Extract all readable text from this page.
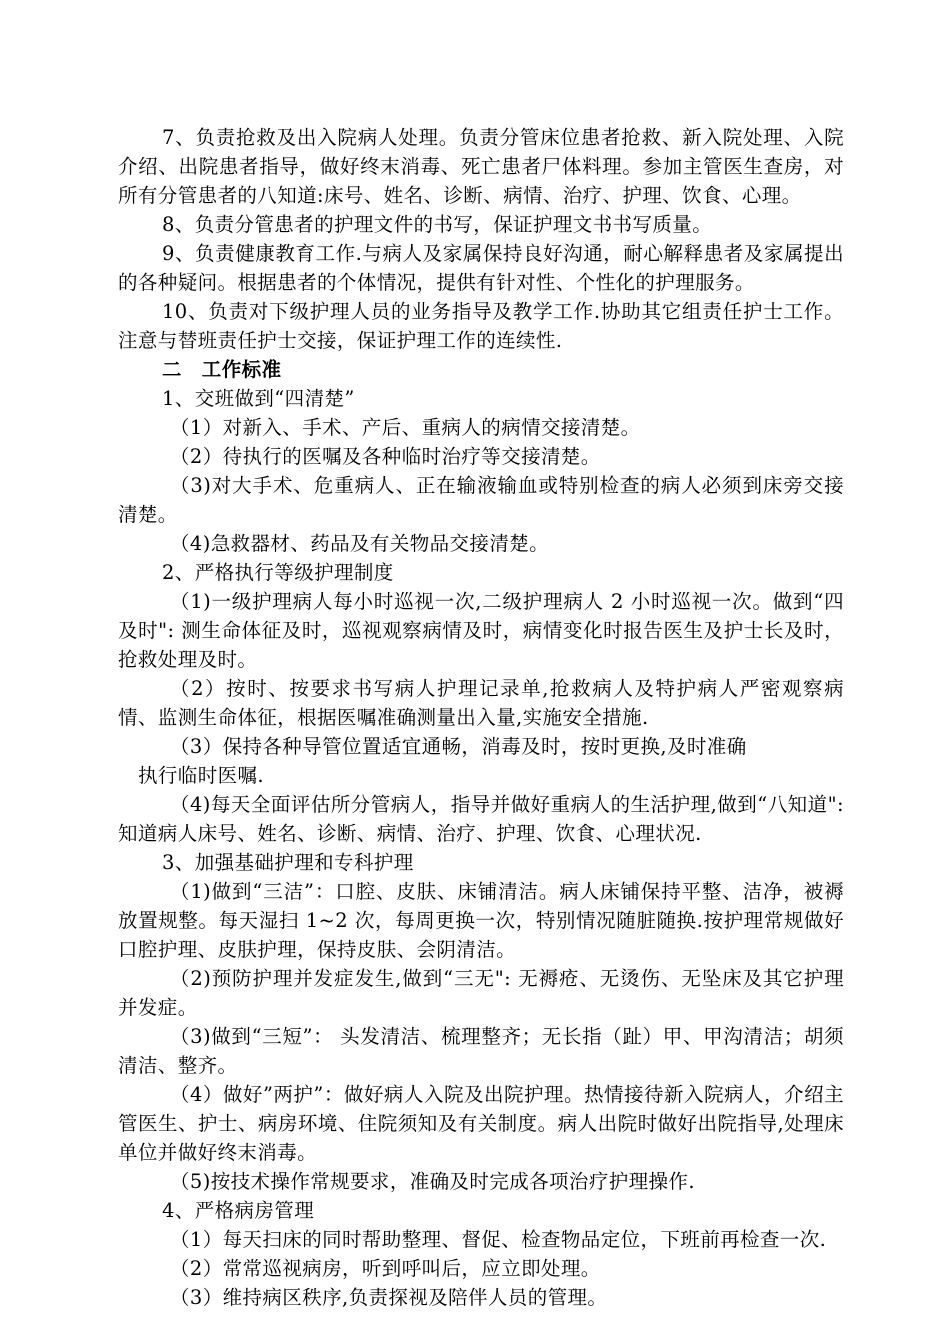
7、负责抢救及出入院病人处理。负责分管床位患者抢救、新入院处理、入院介绍、出院患者指导，做好终末消毒、死亡患者尸体料理。参加主管医生查房，对所有分管患者的八知道:床号、姓名、诊断、病情、治疗、护理、饮食、心理。

8、负责分管患者的护理文件的书写，保证护理文书书写质量。

9、负责健康教育工作.与病人及家属保持良好沟通，耐心解释患者及家属提出的各种疑问。根据患者的个体情况，提供有针对性、个性化的护理服务。

10、负责对下级护理人员的业务指导及教学工作.协助其它组责任护士工作。注意与替班责任护士交接，保证护理工作的连续性.

二　工作标准

1、交班做到“四清楚”

（1）对新入、手术、产后、重病人的病情交接清楚。

（2）待执行的医嘱及各种临时治疗等交接清楚。

（3)对大手术、危重病人、正在输液输血或特别检查的病人必须到床旁交接清楚。

（4)急救器材、药品及有关物品交接清楚。

2、严格执行等级护理制度

（1)一级护理病人每小时巡视一次,二级护理病人 2 小时巡视一次。做到“四及时": 测生命体征及时，巡视观察病情及时，病情变化时报告医生及护士长及时，抢救处理及时。

（2）按时、按要求书写病人护理记录单,抢救病人及特护病人严密观察病情、监测生命体征，根据医嘱准确测量出入量,实施安全措施.

（3）保持各种导管位置适宜通畅，消毒及时，按时更换,及时准确

执行临时医嘱.

（4)每天全面评估所分管病人，指导并做好重病人的生活护理,做到“八知道":知道病人床号、姓名、诊断、病情、治疗、护理、饮食、心理状况.

3、加强基础护理和专科护理

（1)做到“三洁”：口腔、皮肤、床铺清洁。病人床铺保持平整、洁净，被褥放置规整。每天湿扫 1~2 次，每周更换一次，特别情况随脏随换.按护理常规做好口腔护理、皮肤护理，保持皮肤、会阴清洁。

（2)预防护理并发症发生,做到“三无": 无褥疮、无烫伤、无坠床及其它护理并发症。

（3)做到“三短”： 头发清洁、梳理整齐；无长指（趾）甲、甲沟清洁；胡须清洁、整齐。

（4）做好”两护”：做好病人入院及出院护理。热情接待新入院病人，介绍主管医生、护士、病房环境、住院须知及有关制度。病人出院时做好出院指导,处理床单位并做好终末消毒。

（5)按技术操作常规要求，准确及时完成各项治疗护理操作.

4、严格病房管理

（1）每天扫床的同时帮助整理、督促、检查物品定位，下班前再检查一次.

（2）常常巡视病房，听到呼叫后，应立即处理。

（3）维持病区秩序,负责探视及陪伴人员的管理。
